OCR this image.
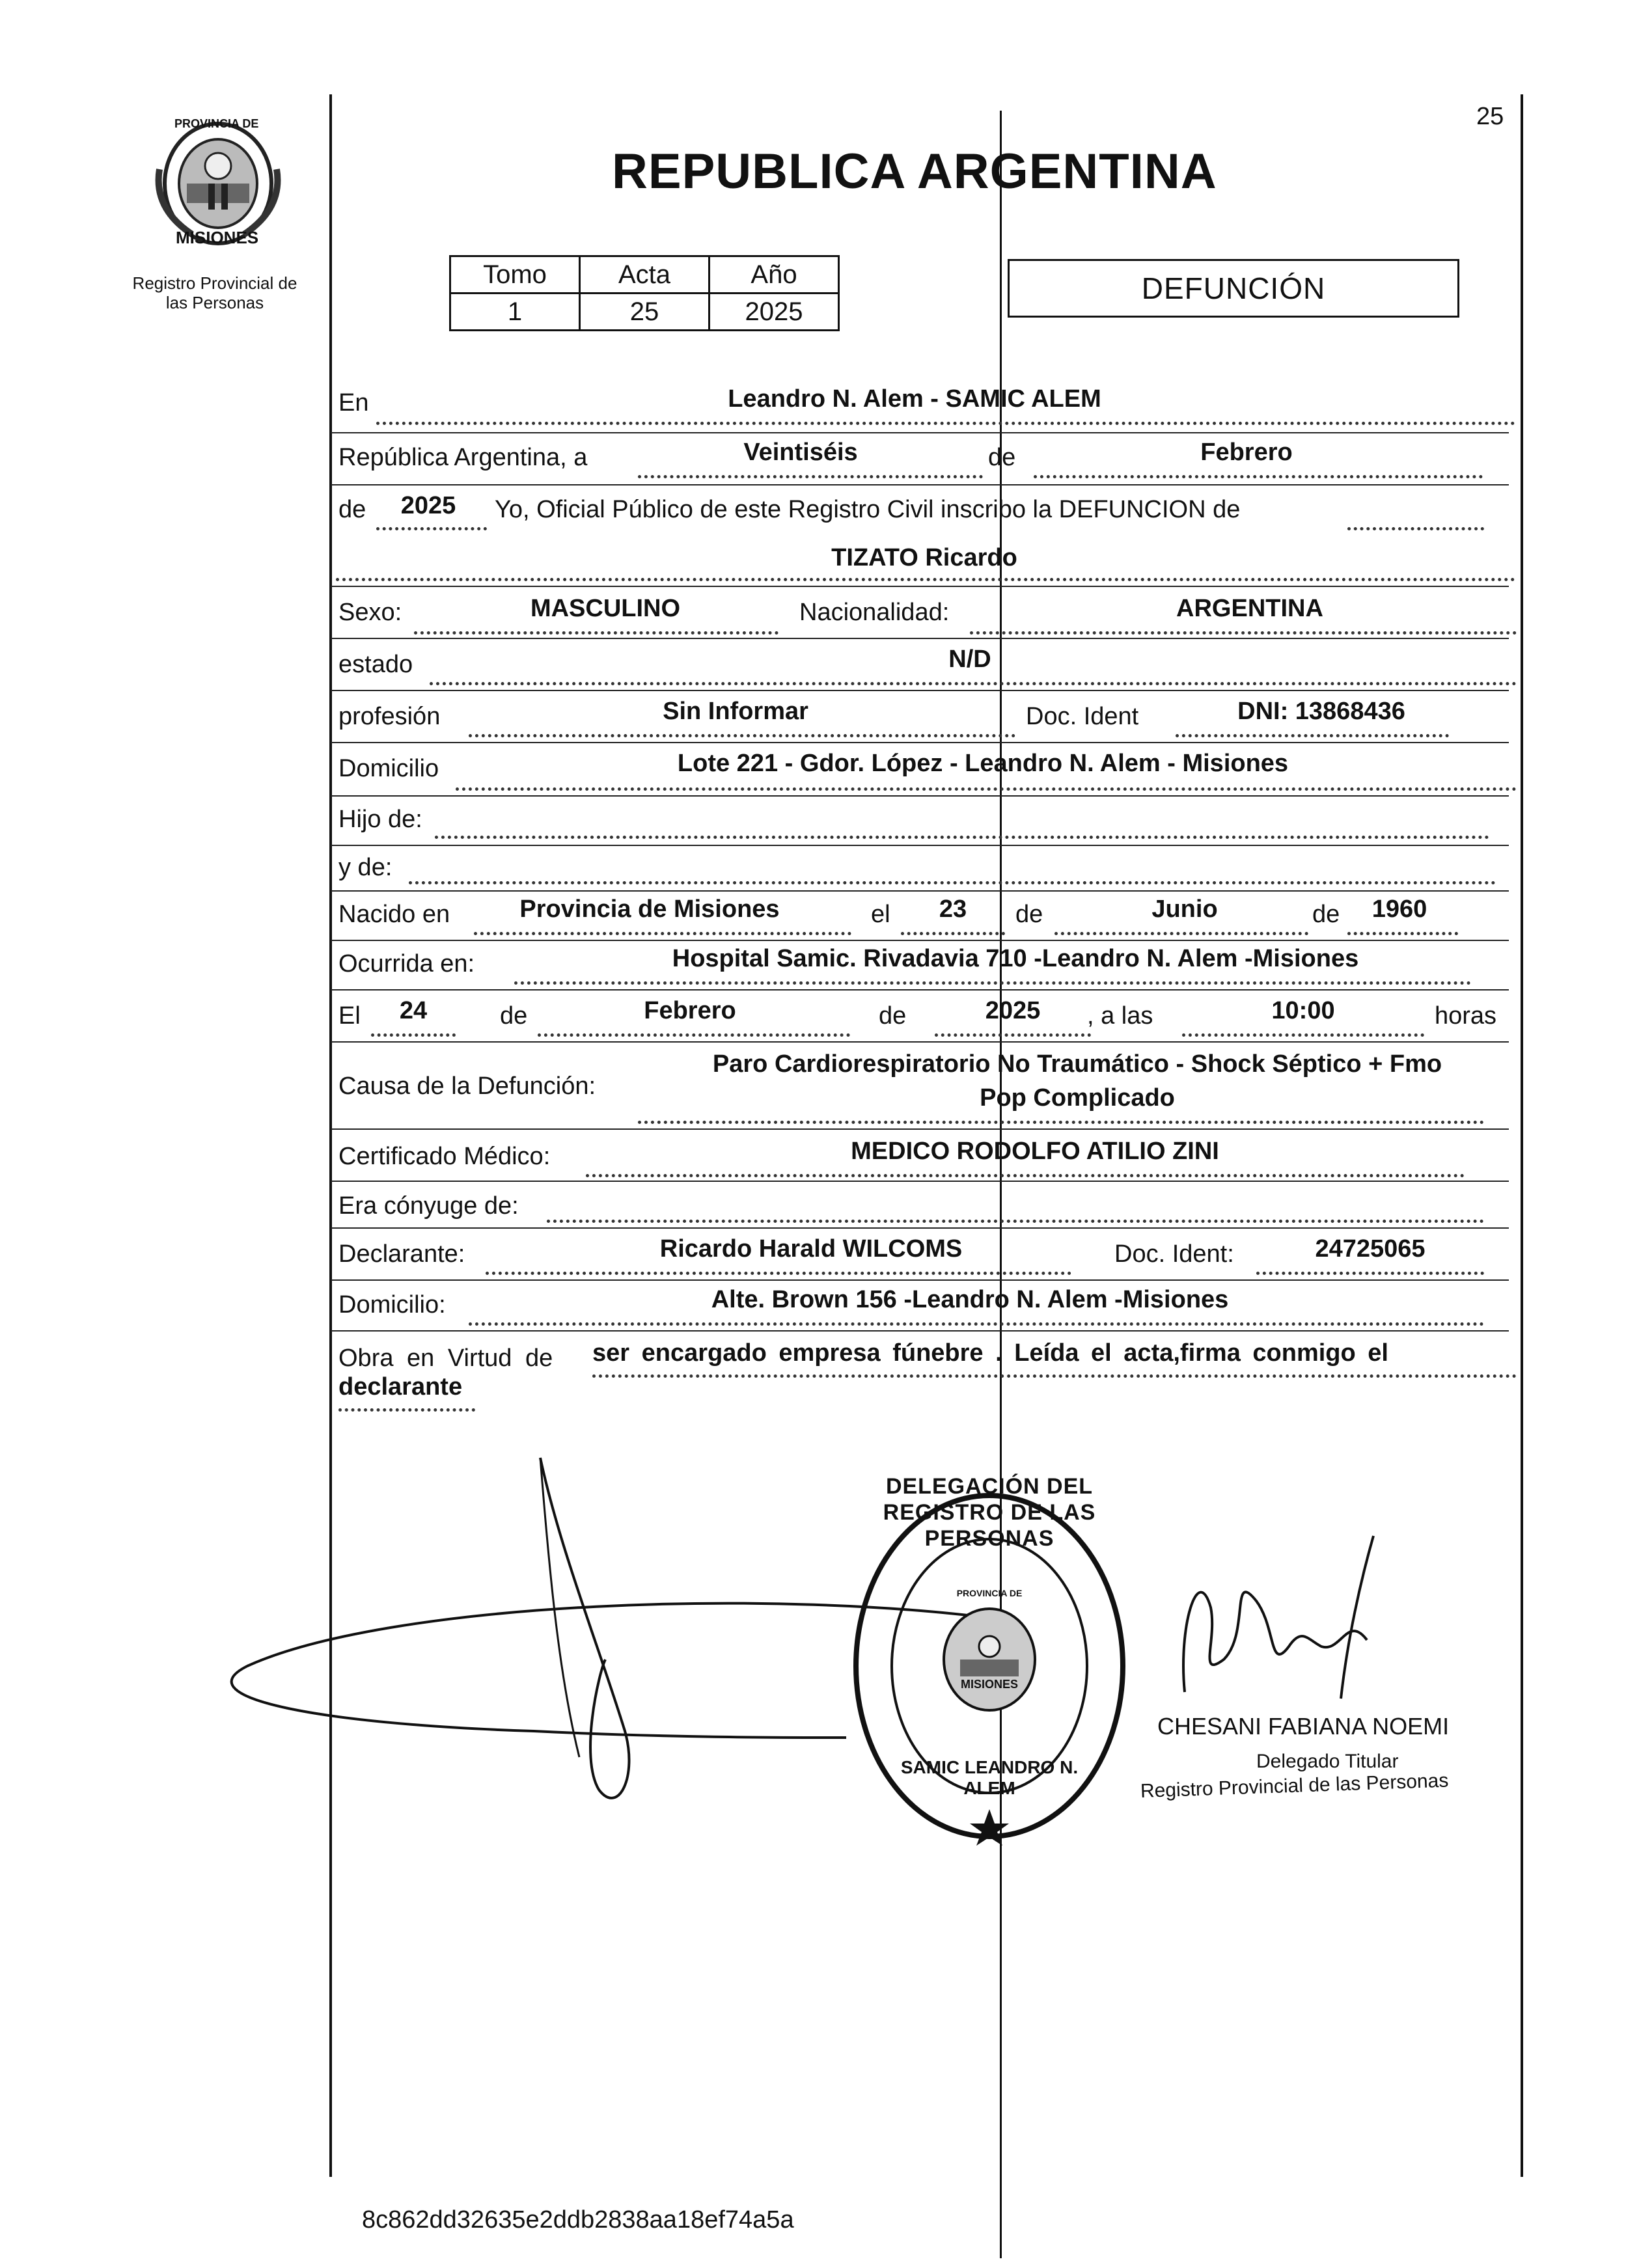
PROVINCIA DE
MISIONES
Registro Provincial de
las Personas
25
REPUBLICA ARGENTINA
Tomo	Acta	Año
1	25	2025
DEFUNCIÓN
En	Leandro N. Alem - SAMIC ALEM
República Argentina, a	Veintiséis	de	Febrero
de	2025	Yo, Oficial Público de este Registro Civil inscribo la DEFUNCION de
TIZATO Ricardo
Sexo:	MASCULINO	Nacionalidad:	ARGENTINA
estado	N/D
profesión	Sin Informar	Doc. Ident	DNI: 13868436
Domicilio	Lote 221 - Gdor. López - Leandro N. Alem - Misiones
Hijo de:
y de:
Nacido en	Provincia de Misiones	el	23	de	Junio	de	1960
Ocurrida en:	Hospital Samic. Rivadavia 710 -Leandro N. Alem -Misiones
El	24	de	Febrero	de	2025	, a las	10:00	horas
Causa de la Defunción:
Paro Cardiorespiratorio No Traumático - Shock Séptico + Fmo
Pop Complicado
Certificado Médico:	MEDICO RODOLFO ATILIO ZINI
Era cónyuge de:
Declarante:	Ricardo Harald WILCOMS	Doc. Ident:	24725065
Domicilio:	Alte. Brown 156 -Leandro N. Alem -Misiones
Obra en Virtud de ser encargado empresa fúnebre . Leída el acta,firma conmigo el
declarante
DELEGACIÓN DEL REGISTRO DE LAS PERSONAS
SAMIC LEANDRO N. ALEM
PROVINCIA DE
MISIONES
CHESANI FABIANA NOEMI
Delegado Titular
Registro Provincial de las Personas
8c862dd32635e2ddb2838aa18ef74a5a
